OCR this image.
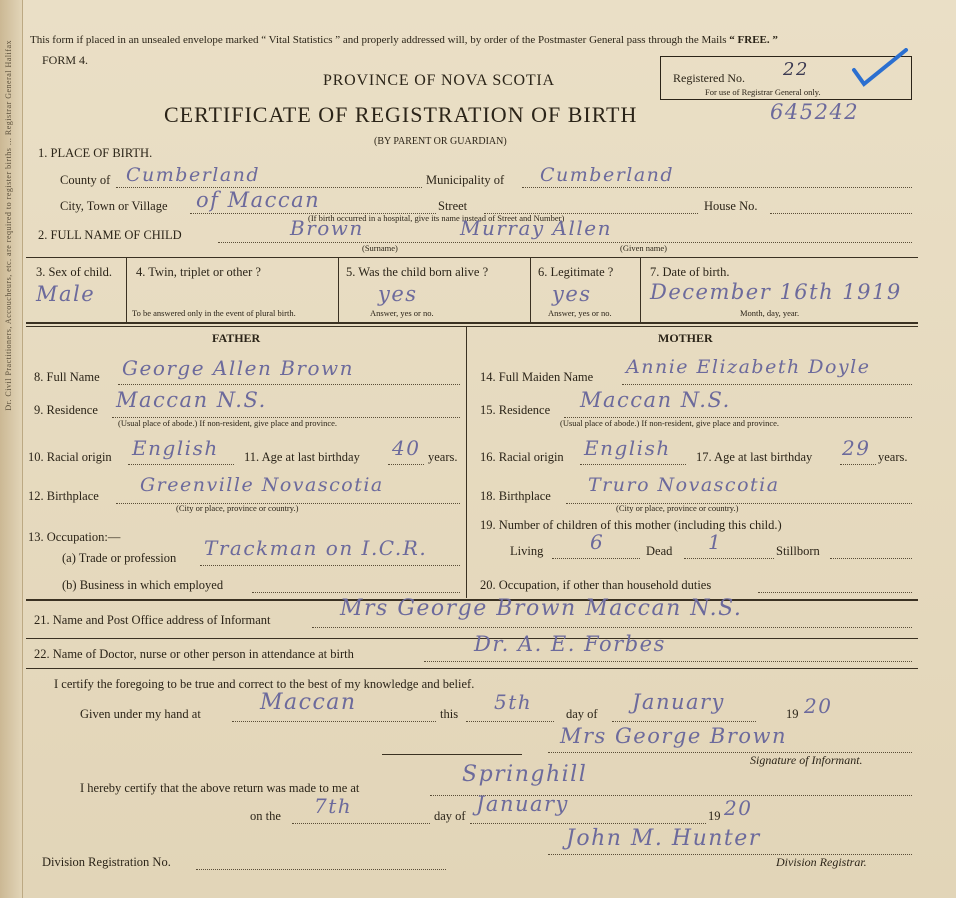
Dr. Civil Practitioners, Accoucheurs, etc. are required to register births ... Registrar General Halifax This form if placed in an unsealed envelope marked “ Vital Statistics ” and properly addressed will, by order of the Postmaster General pass through the Mails “ FREE. ”
FORM 4.
Registered No.
For use of Registrar General only.
22
PROVINCE OF NOVA SCOTIA
CERTIFICATE OF REGISTRATION OF BIRTH	645242
(BY PARENT OR GUARDIAN)
1. PLACE OF BIRTH.
County of Cumberland	Municipality of Cumberland
City, Town or Village of Maccan	Street	House No.
(If birth occurred in a hospital, give its name instead of Street and Number)
2. FULL NAME OF CHILD	Brown	Murray Allen
(Surname)	(Given name)
3. Sex of child.
Male
4. Twin, triplet or other ?
To be answered only in the event of plural birth.
5. Was the child born alive ?
yes
Answer, yes or no.
6. Legitimate ?
yes
Answer, yes or no.
7. Date of birth.
December 16th 1919
Month, day, year.
FATHER	MOTHER
8. Full Name George Allen Brown
9. Residence Maccan N.S.
(Usual place of abode.) If non-resident, give place and province.
10. Racial origin English 11. Age at last birthday 40 years.
12. Birthplace Greenville Novascotia
(City or place, province or country.)
13. Occupation:—
(a) Trade or profession Trackman on I.C.R.
(b) Business in which employed
14. Full Maiden Name Annie Elizabeth Doyle
15. Residence Maccan N.S.
(Usual place of abode.) If non-resident, give place and province.
16. Racial origin English 17. Age at last birthday 29 years.
18. Birthplace Truro Novascotia
(City or place, province or country.)
19. Number of children of this mother (including this child.)
Living 6	Dead 1	Stillborn
20. Occupation, if other than household duties
21. Name and Post Office address of Informant	Mrs George Brown Maccan N.S.
22. Name of Doctor, nurse or other person in attendance at birth	Dr. A. E. Forbes
I certify the foregoing to be true and correct to the best of my knowledge and belief.
Given under my hand at	Maccan	this 5th	day of January	19 20
Mrs George Brown
Signature of Informant.
I hereby certify that the above return was made to me at
Springhill
on the 7th	day of January	19 20
Division Registration No.
John M. Hunter
Division Registrar.
